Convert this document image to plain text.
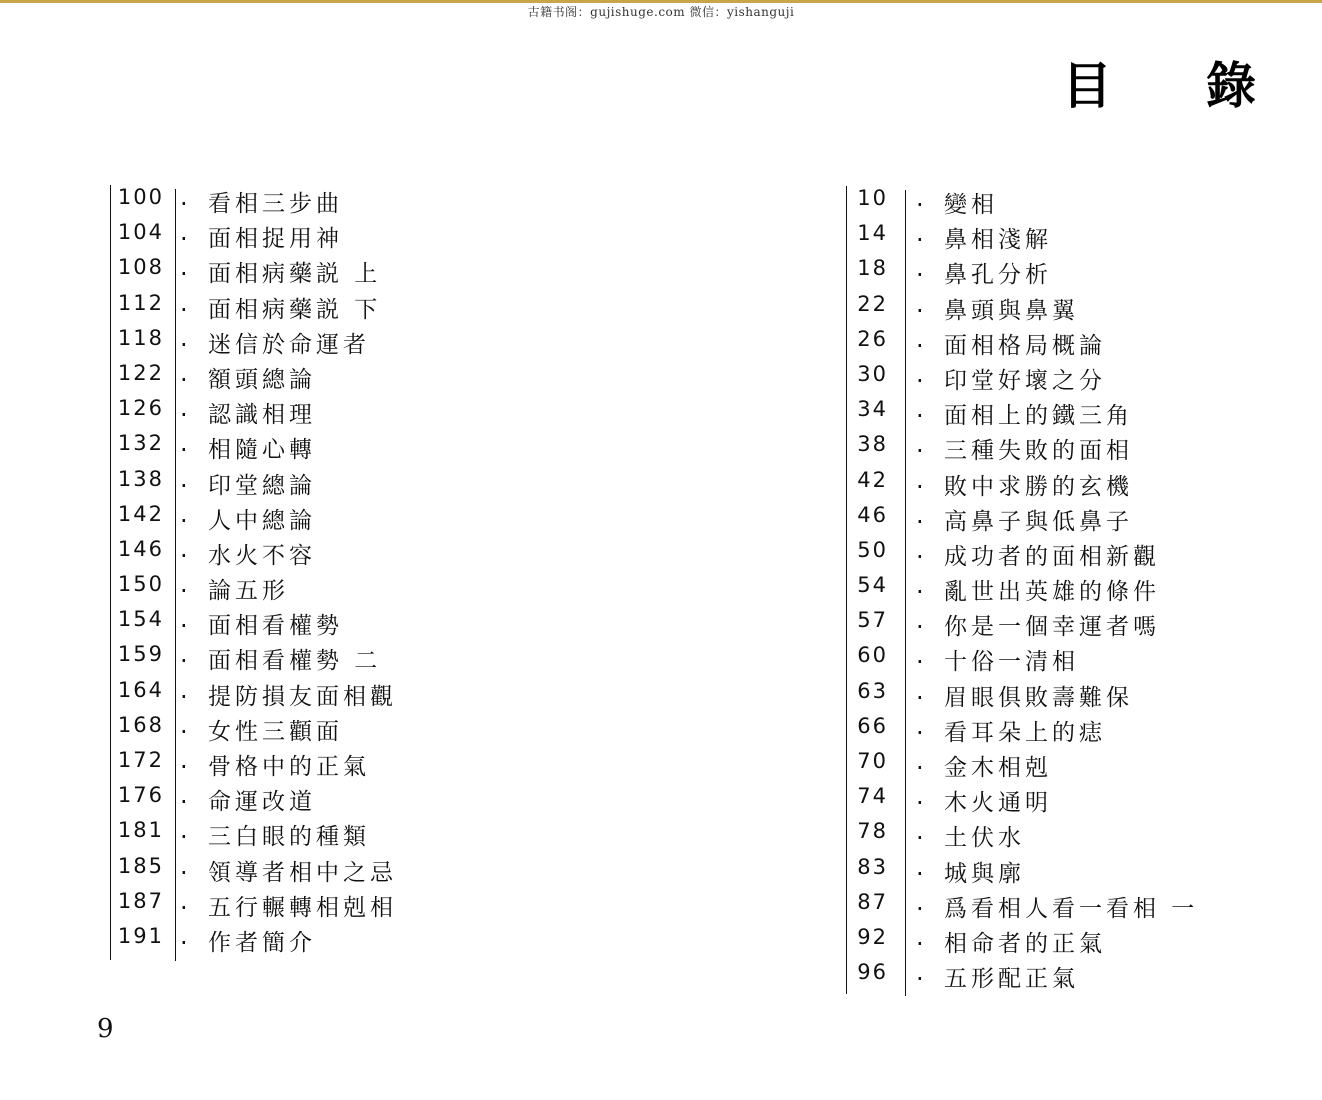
古籍书阁：gujishuge.com 微信：yishanguji
目 錄
100 . 看相三步曲
104 . 面相捉用神
108 . 面相病藥説 上
112 . 面相病藥説 下
118 . 迷信於命運者
122 . 額頭總論
126 . 認識相理
132 . 相隨心轉
138 . 印堂總論
142 . 人中總論
146 . 水火不容
150 . 論五形
154 . 面相看權勢
159 . 面相看權勢 二
164 . 提防損友面相觀
168 . 女性三顴面
172 . 骨格中的正氣
176 . 命運改道
181 . 三白眼的種類
185 . 領導者相中之忌
187 . 五行輾轉相剋相
191 . 作者簡介
10 . 變相
14 . 鼻相淺解
18 . 鼻孔分析
22 . 鼻頭與鼻翼
26 . 面相格局概論
30 . 印堂好壞之分
34 . 面相上的鐵三角
38 . 三種失敗的面相
42 . 敗中求勝的玄機
46 . 高鼻子與低鼻子
50 . 成功者的面相新觀
54 . 亂世出英雄的條件
57 . 你是一個幸運者嗎
60 . 十俗一清相
63 . 眉眼俱敗壽難保
66 . 看耳朵上的痣
70 . 金木相剋
74 . 木火通明
78 . 土伏水
83 . 城與廓
87 . 爲看相人看一看相 一
92 . 相命者的正氣
96 . 五形配正氣
9
